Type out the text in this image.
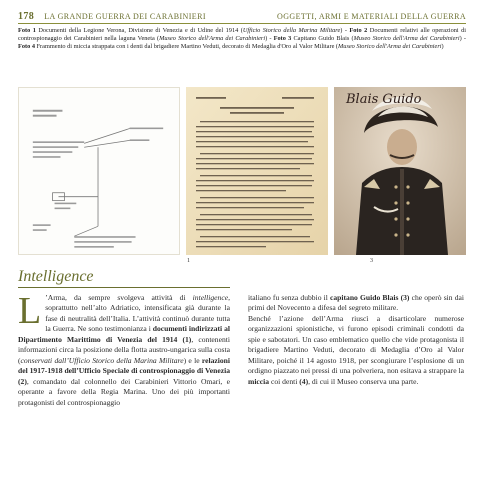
178 LA GRANDE GUERRA DEI CARABINIERI	OGGETTI, ARMI E MATERIALI DELLA GUERRA
Foto 1 Documenti della Legione Verona, Divisione di Venezia e di Udine del 1914 (Ufficio Storico della Marina Militare) - Foto 2 Documenti relativi alle operazioni di controspionaggio dei Carabinieri nella laguna Veneta (Museo Storico dell'Arma dei Carabinieri) - Foto 3 Capitano Guido Blais (Museo Storico dell'Arma dei Carabinieri) - Foto 4 Frammento di miccia strappata con i denti dal brigadiere Martino Veduti, decorato di Medaglia d'Oro al Valor Militare (Museo Storico dell'Arma dei Carabinieri)
Blais Guido
1	3
Intelligence

L ’Arma, da sempre svolgeva attività di intelligence, soprattutto nell’alto Adriatico, intensificata già durante la fase di neutralità dell’Italia. L’attività continuò durante tutta la Guerra. Ne sono testimonianza i documenti indirizzati al Dipartimento Marittimo di Venezia del 1914 (1), contenenti informazioni circa la posizione della flotta austro-ungarica sulla costa (conservati dall’Ufficio Storico della Marina Militare) e le relazioni del 1917-1918 dell’Ufficio Speciale di controspionaggio di Venezia (2), comandato dal colonnello dei Carabinieri Vittorio Omari, e operante a favore della Regia Marina. Uno dei più importanti protagonisti del controspionaggio

italiano fu senza dubbio il capitano Guido Blais (3) che operò sin dai primi del Novecento a difesa del segreto militare.

Benché l’azione dell’Arma riuscì a disarticolare numerose organizzazioni spionistiche, vi furono episodi criminali condotti da spie e sabotatori. Un caso emblematico quello che vide protagonista il brigadiere Martino Veduti, decorato di Medaglia d’Oro al Valor Militare, poiché il 14 agosto 1918, per scongiurare l’esplosione di un ordigno piazzato nei pressi di una polveriera, non esitava a strappare la miccia coi denti (4), di cui il Museo conserva una parte.
